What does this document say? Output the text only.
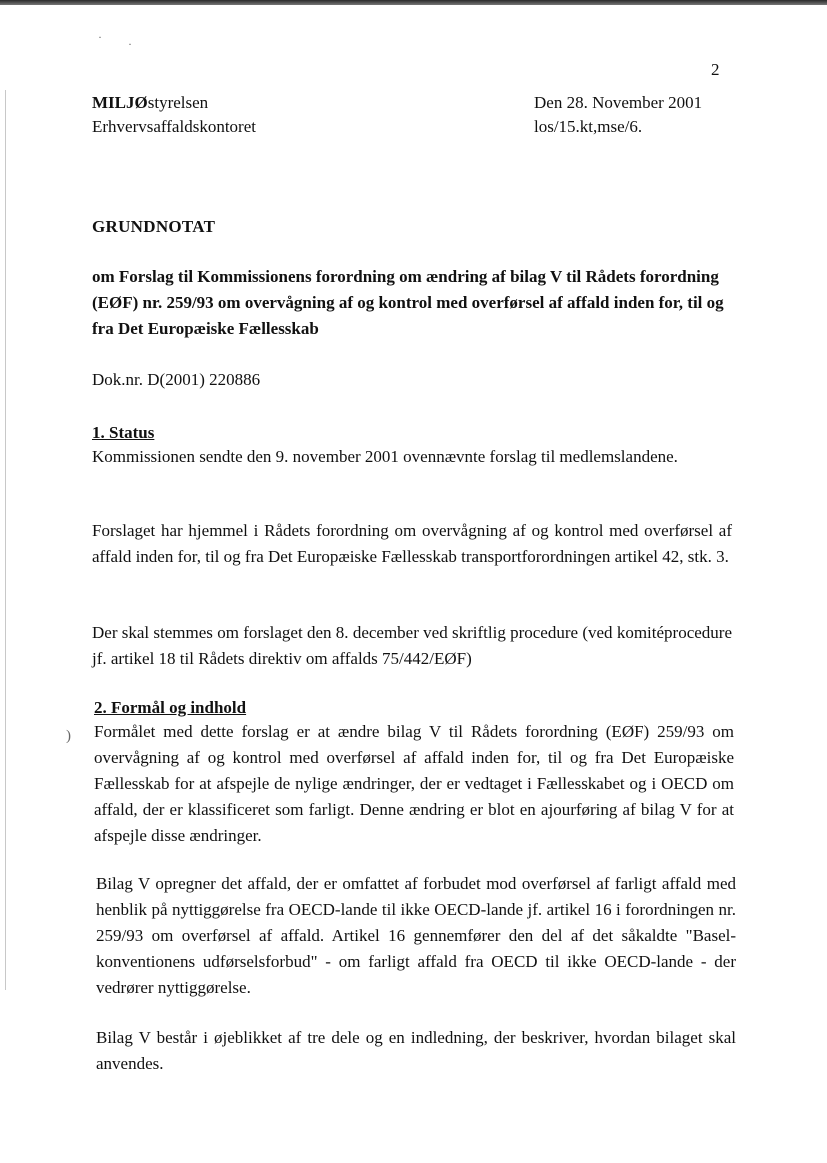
· ·
)
2
MILJØstyrelsen
Erhvervsaffaldskontoret
Den 28. November 2001
los/15.kt,mse/6.
GRUNDNOTAT
om Forslag til Kommissionens forordning om ændring af bilag V til Rådets forordning (EØF) nr. 259/93 om overvågning af og kontrol med overførsel af affald inden for, til og fra Det Europæiske Fællesskab
Dok.nr. D(2001) 220886
1. Status
Kommissionen sendte den 9. november 2001 ovennævnte forslag til medlemslandene.
Forslaget har hjemmel i Rådets forordning om overvågning af og kontrol med overførsel af affald inden for, til og fra Det Europæiske Fællesskab transportforordningen artikel 42, stk. 3.
Der skal stemmes om forslaget den 8. december ved skriftlig procedure (ved komitéprocedure jf. artikel 18 til Rådets direktiv om affalds 75/442/EØF)
2. Formål og indhold
Formålet med dette forslag er at ændre bilag V til Rådets forordning (EØF) 259/93 om overvågning af og kontrol med overførsel af affald inden for, til og fra Det Europæiske Fællesskab for at afspejle de nylige ændringer, der er vedtaget i Fællesskabet og i OECD om affald, der er klassificeret som farligt. Denne ændring er blot en ajourføring af bilag V for at afspejle disse ændringer.
Bilag V opregner det affald, der er omfattet af forbudet mod overførsel af farligt affald med henblik på nyttiggørelse fra OECD-lande til ikke OECD-lande jf. artikel 16 i forordningen nr. 259/93 om overførsel af affald. Artikel 16 gennemfører den del af det såkaldte "Basel-konventionens udførselsforbud" - om farligt affald fra OECD til ikke OECD-lande - der vedrører nyttiggørelse.
Bilag V består i øjeblikket af tre dele og en indledning, der beskriver, hvordan bilaget skal anvendes.
